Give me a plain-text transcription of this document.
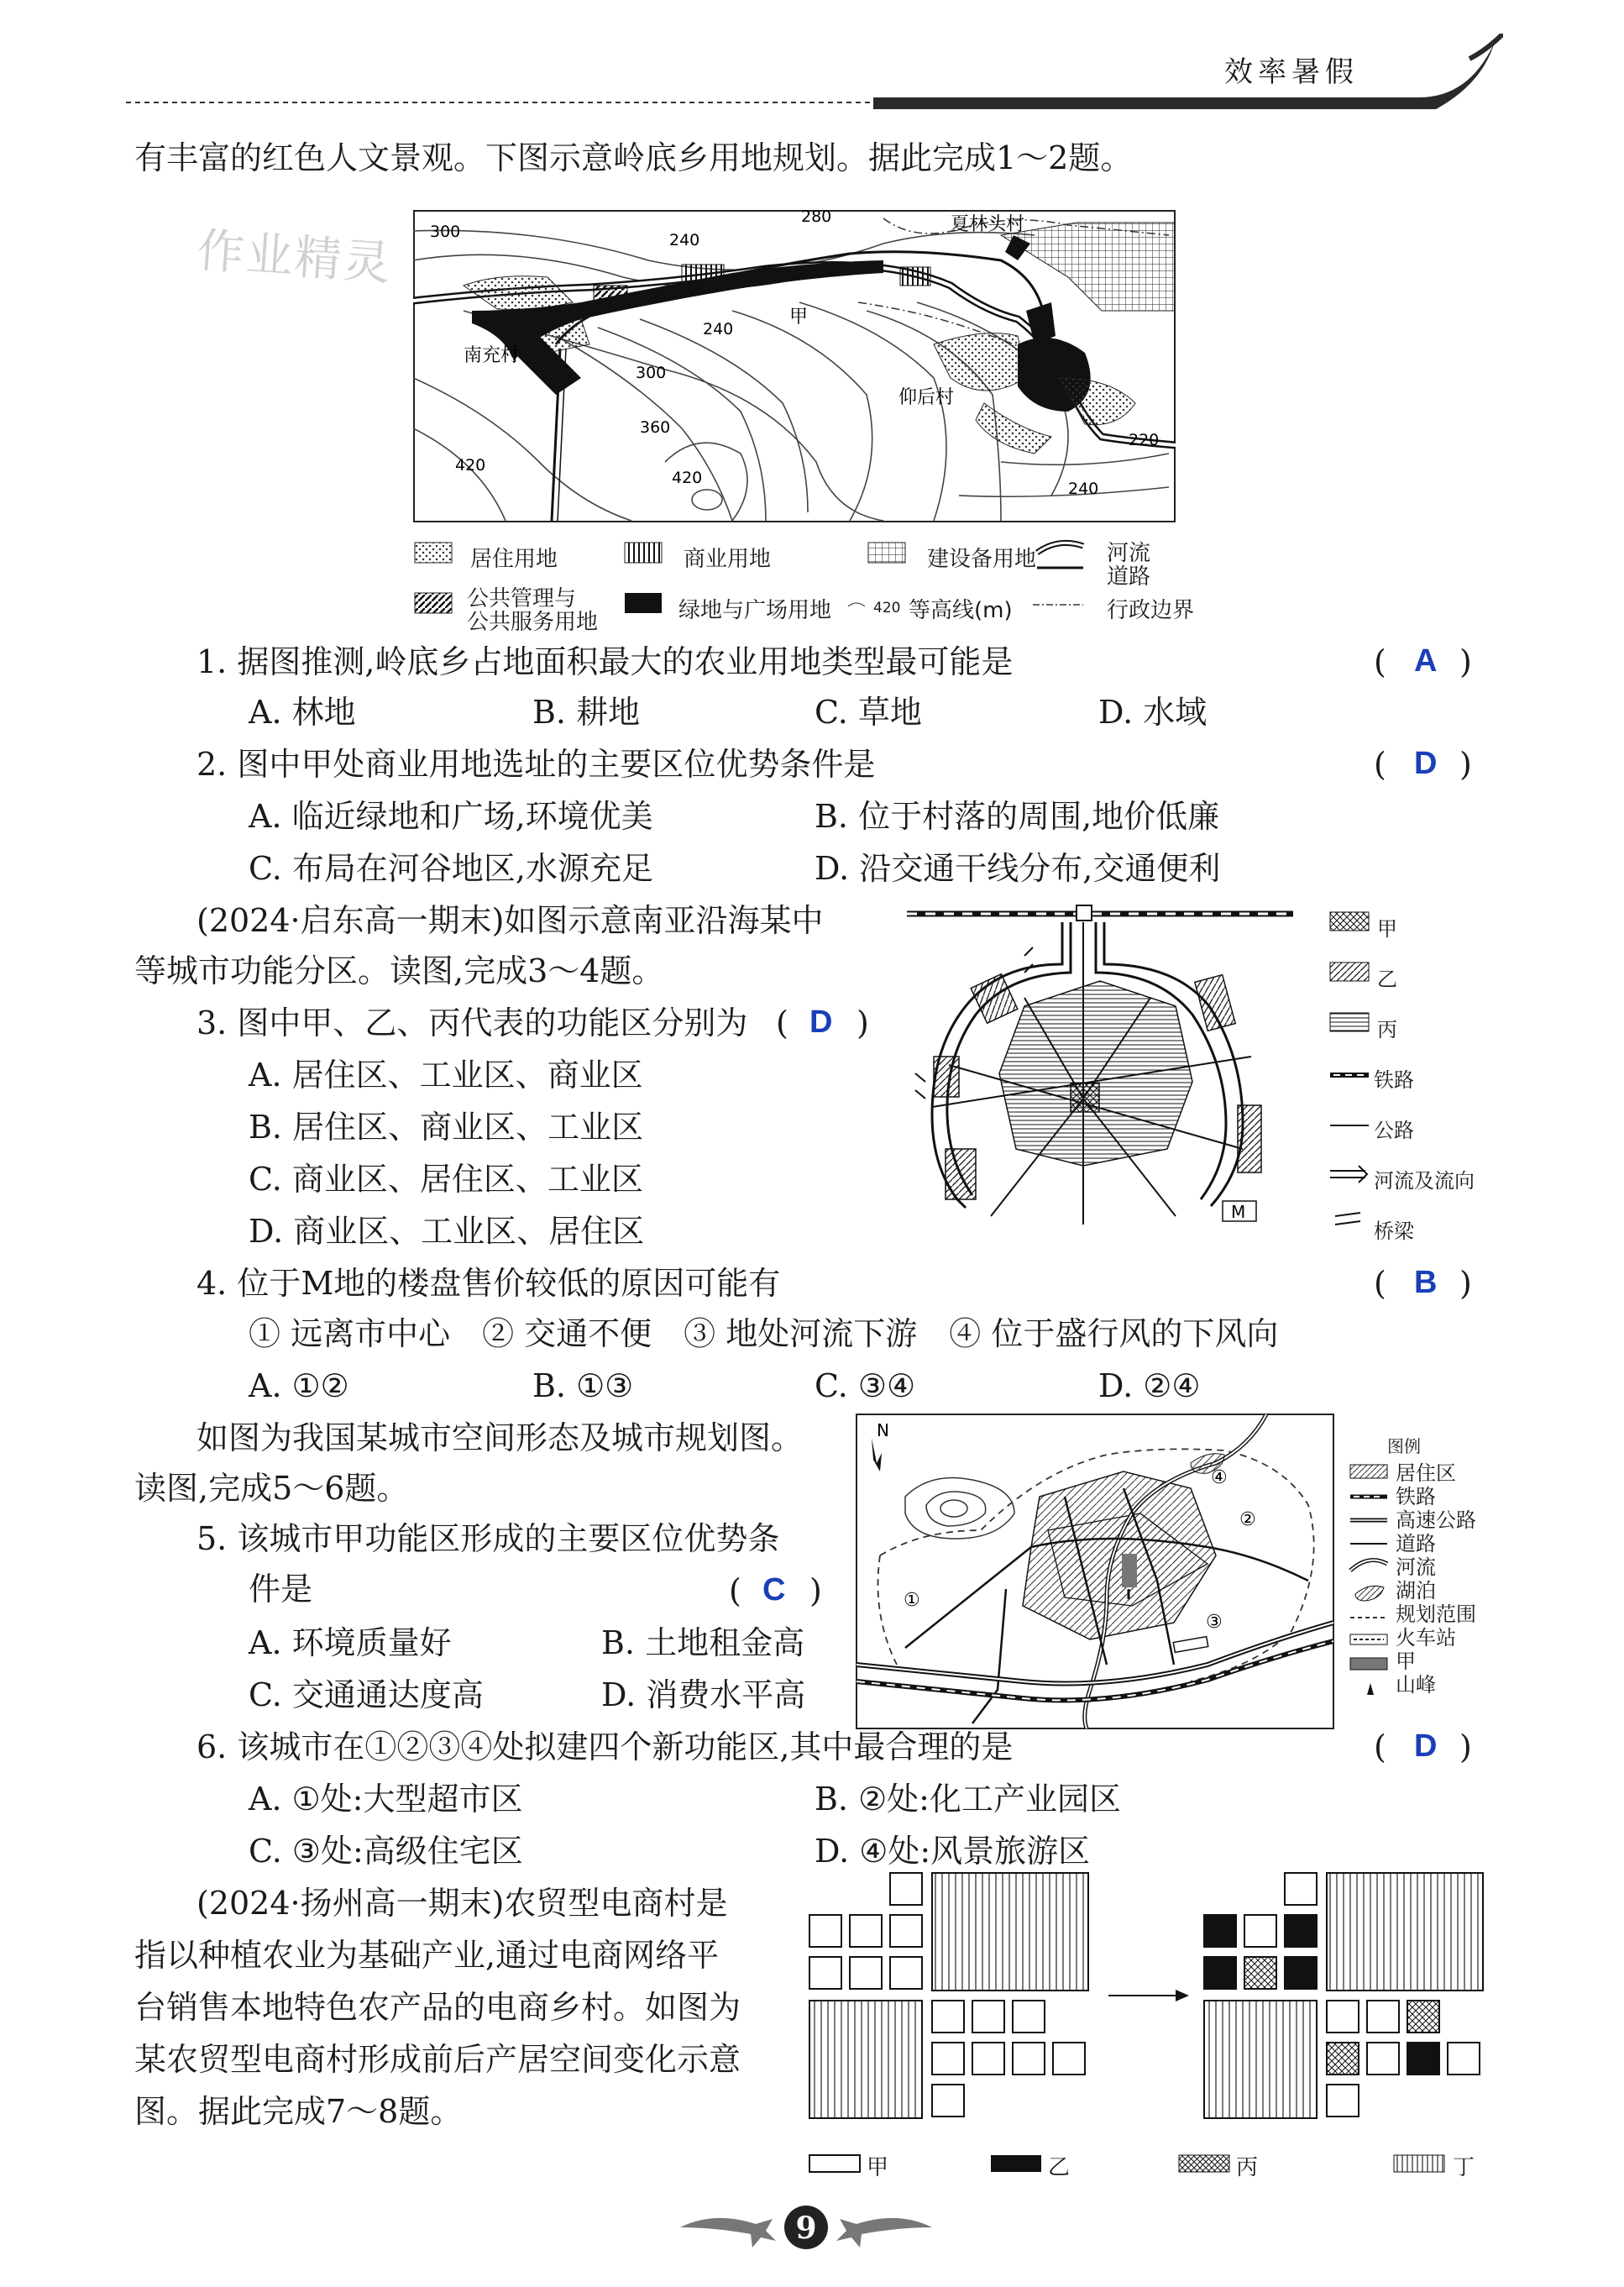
效率暑假
有丰富的红色人文景观。下图示意岭底乡用地规划。据此完成1～2题。
300	240
280
240
300
360
420
420
220
240
夏林头村
南充村
仰后村
甲
作业精灵
居住用地	商业用地	建设备用地	河流
道路
公共管理与
公共服务用地	绿地与广场用地	420 等高线(m)	行政边界
1. 据图推测,岭底乡占地面积最大的农业用地类型最可能是	( A )
A. 林地	B. 耕地	C. 草地	D. 水域
2. 图中甲处商业用地选址的主要区位优势条件是	( D )
A. 临近绿地和广场,环境优美	B. 位于村落的周围,地价低廉
C. 布局在河谷地区,水源充足	D. 沿交通干线分布,交通便利
(2024·启东高一期末)如图示意南亚沿海某中
等城市功能分区。读图,完成3～4题。
M
甲
乙
丙
铁路
公路
河流及流向
桥梁
3. 图中甲、乙、丙代表的功能区分别为 ( D )
A. 居住区、工业区、商业区
B. 居住区、商业区、工业区
C. 商业区、居住区、工业区
D. 商业区、工业区、居住区
4. 位于M地的楼盘售价较低的原因可能有	( B )
① 远离市中心　② 交通不便　③ 地处河流下游　④ 位于盛行风的下风向
A. ①②	B. ①③	C. ③④	D. ②④
如图为我国某城市空间形态及城市规划图。
读图,完成5～6题。
N
①
②
③
④
图例
居住区
铁路
高速公路
道路
河流
湖泊
规划范围
火车站
甲
山峰
5. 该城市甲功能区形成的主要区位优势条
件是	( C )
A. 环境质量好	B. 土地租金高
C. 交通通达度高	D. 消费水平高
6. 该城市在①②③④处拟建四个新功能区,其中最合理的是	( D )
A. ①处:大型超市区	B. ②处:化工产业园区
C. ③处:高级住宅区	D. ④处:风景旅游区
(2024·扬州高一期末)农贸型电商村是
指以种植农业为基础产业,通过电商网络平
台销售本地特色农产品的电商乡村。如图为
某农贸型电商村形成前后产居空间变化示意
图。据此完成7～8题。
甲	乙	丙	丁
9
